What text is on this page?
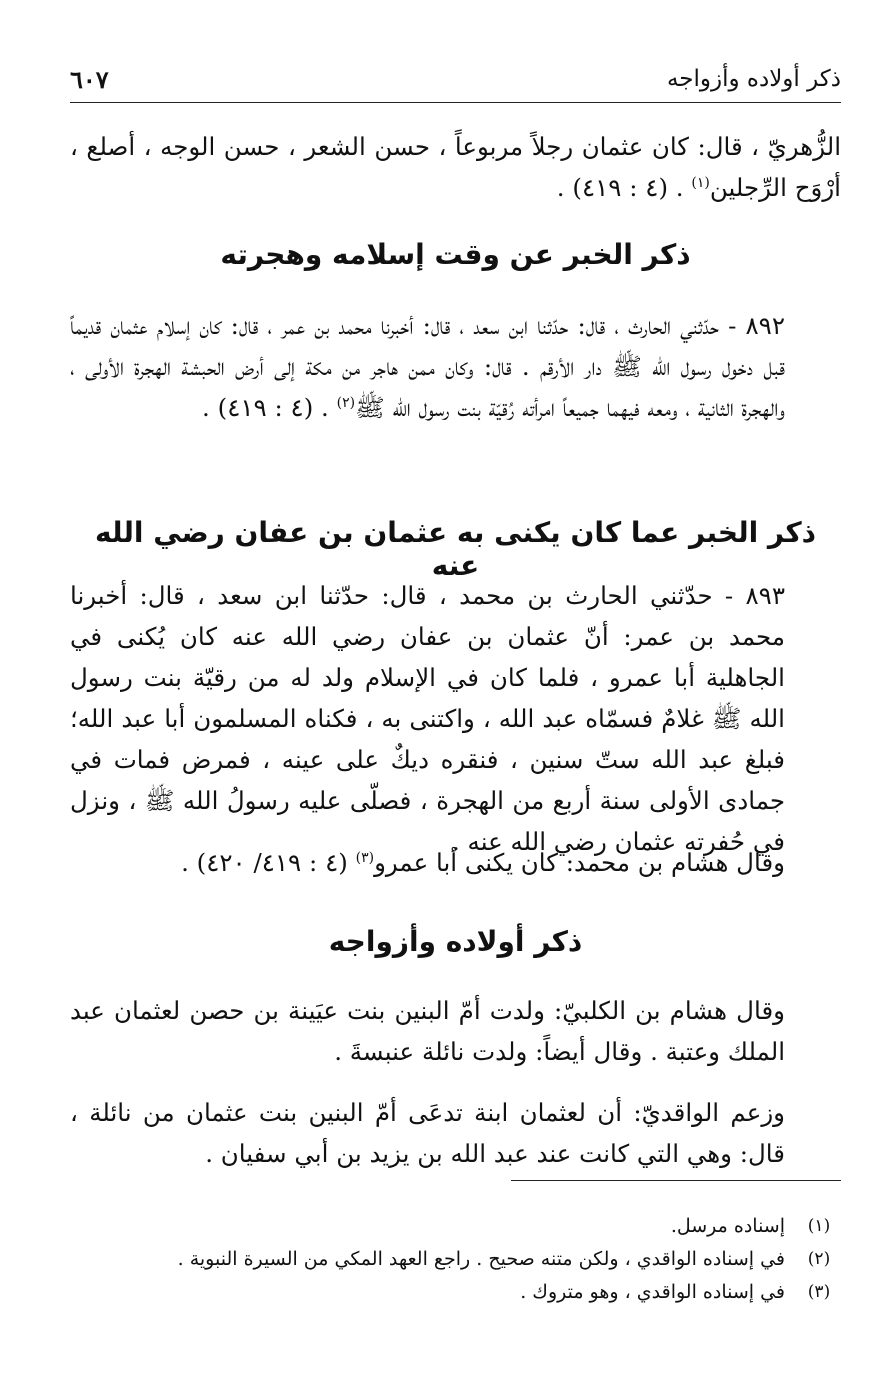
ذكر أولاده وأزواجه
٦٠٧
الزُّهريّ ، قال: كان عثمان رجلاً مربوعاً ، حسن الشعر ، حسن الوجه ، أصلع ، أرْوَح الرِّجلين$^{(١)}$ . (٤ : ٤١٩) .
ذكر الخبر عن وقت إسلامه وهجرته
٨٩٢ - حدّثني الحارث ، قال: حدّثنا ابن سعد ، قال: أخبرنا محمد بن عمر ، قال: كان إسلام عثمان قديماً قبل دخول رسول الله ﷺ دار الأرقم . قال: وكان ممن هاجر من مكة إلى أرض الحبشة الهجرة الأولى ، والهجرة الثانية ، ومعه فيهما جميعاً امرأته رُقيّة بنت رسول الله ﷺ$^{(٢)}$ . (٤ : ٤١٩) .
ذكر الخبر عما كان يكنى به عثمان بن عفان رضي الله عنه
٨٩٣ - حدّثني الحارث بن محمد ، قال: حدّثنا ابن سعد ، قال: أخبرنا محمد بن عمر: أنّ عثمان بن عفان رضي الله عنه كان يُكنى في الجاهلية أبا عمرو ، فلما كان في الإسلام ولد له من رقيّة بنت رسول الله ﷺ غلامٌ فسمّاه عبد الله ، واكتنى به ، فكناه المسلمون أبا عبد الله؛ فبلغ عبد الله ستّ سنين ، فنقره ديكٌ على عينه ، فمرض فمات في جمادى الأولى سنة أربع من الهجرة ، فصلّى عليه رسولُ الله ﷺ ، ونزل في حُفرته عثمان رضي الله عنه .
وقال هشام بن محمد: كان يكنى أبا عمرو$^{(٣)}$ (٤ : ٤١٩/ ٤٢٠) .
ذكر أولاده وأزواجه
وقال هشام بن الكلبيّ: ولدت أمّ البنين بنت عيَينة بن حصن لعثمان عبد الملك وعتبة . وقال أيضاً: ولدت نائلة عنبسةَ .
وزعم الواقديّ: أن لعثمان ابنة تدعَى أمّ البنين بنت عثمان من نائلة ، قال: وهي التي كانت عند عبد الله بن يزيد بن أبي سفيان .
(١)
إسناده مرسل.
(٢)
في إسناده الواقدي ، ولكن متنه صحيح . راجع العهد المكي من السيرة النبوية .
(٣)
في إسناده الواقدي ، وهو متروك .
